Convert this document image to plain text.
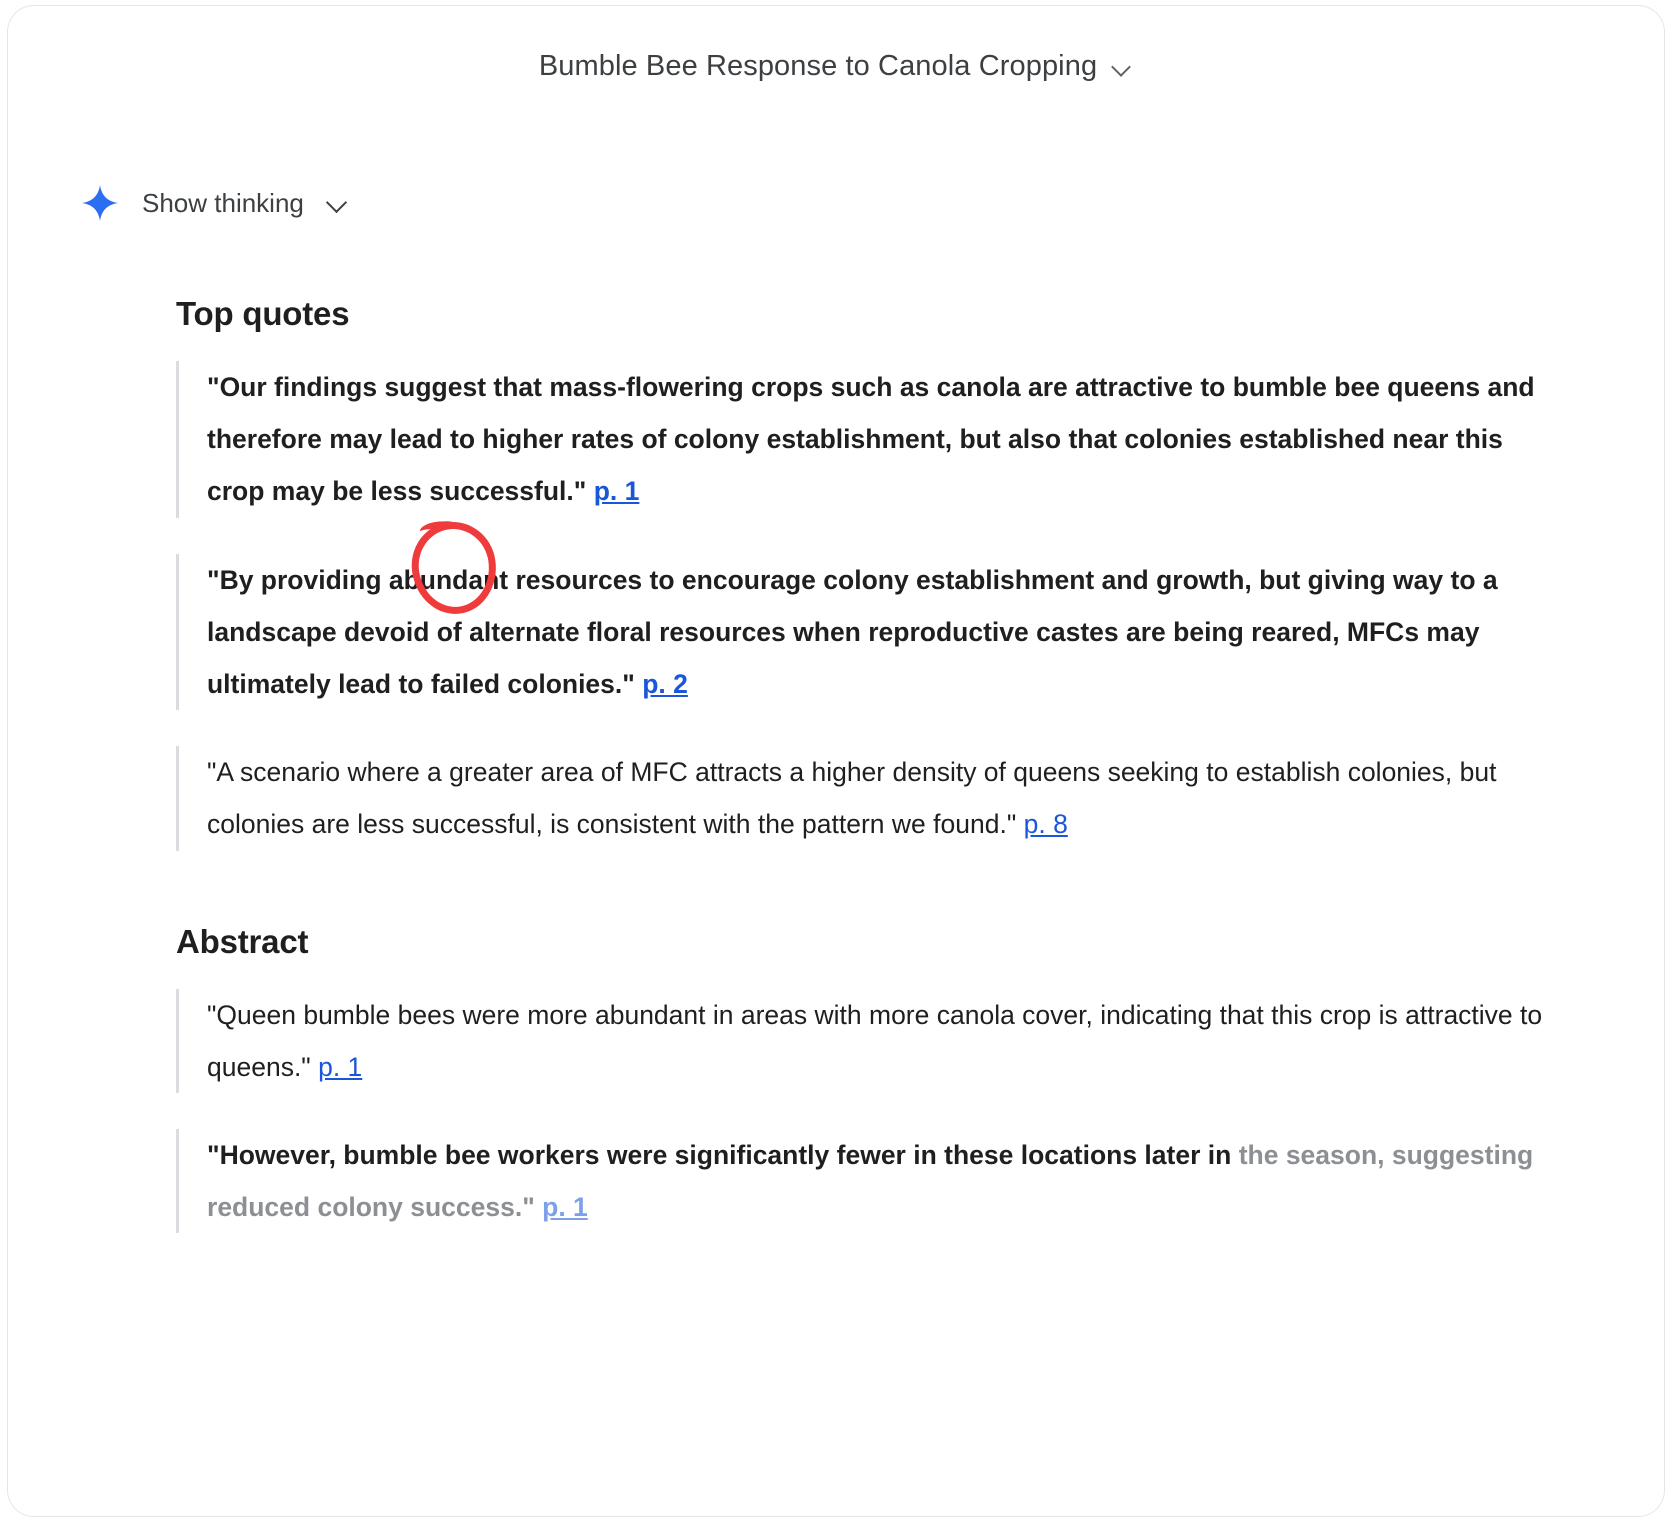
Bumble Bee Response to Canola Cropping
Show thinking
Top quotes
"Our findings suggest that mass-flowering crops such as canola are attractive to bumble bee queens and therefore may lead to higher rates of colony establishment, but also that colonies established near this crop may be less successful." p. 1
"By providing abundant resources to encourage colony establishment and growth, but giving way to a landscape devoid of alternate floral resources when reproductive castes are being reared, MFCs may ultimately lead to failed colonies." p. 2
"A scenario where a greater area of MFC attracts a higher density of queens seeking to establish colonies, but colonies are less successful, is consistent with the pattern we found." p. 8
Abstract
"Queen bumble bees were more abundant in areas with more canola cover, indicating that this crop is attractive to queens." p. 1
"However, bumble bee workers were significantly fewer in these locations later in the season, suggesting reduced colony success." p. 1
